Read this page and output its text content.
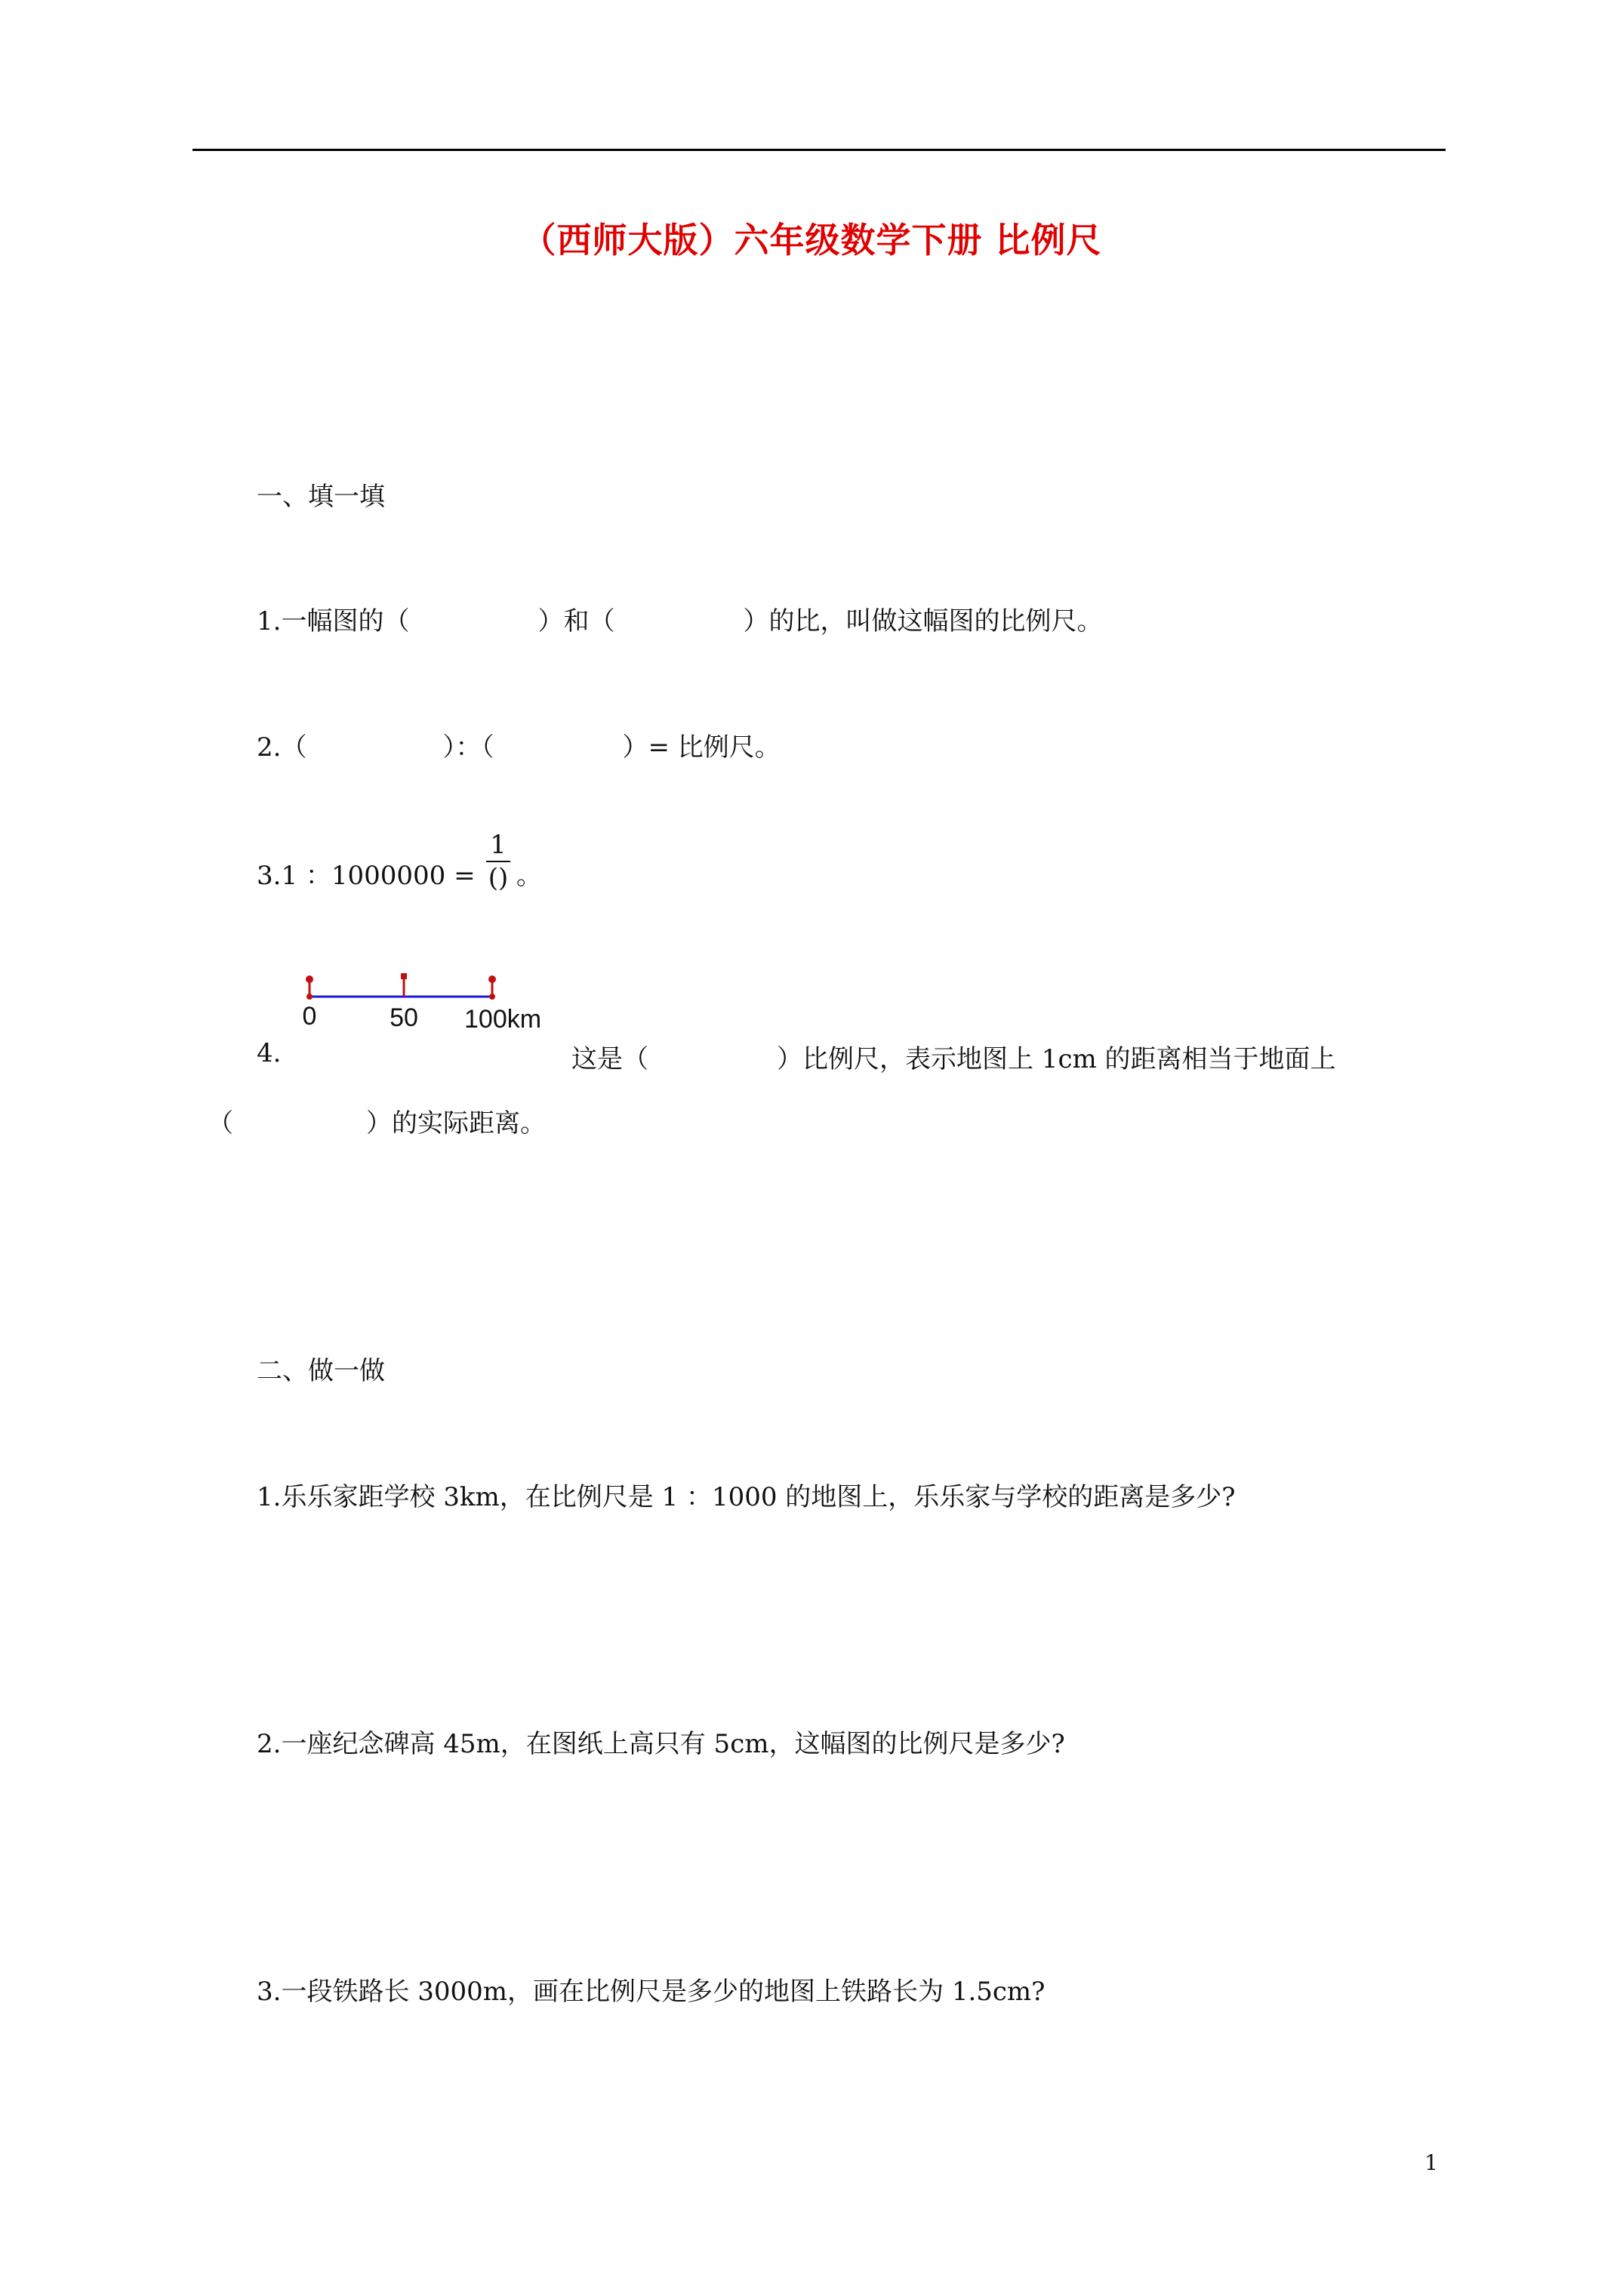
（西师大版）六年级数学下册 比例尺
一、填一填
1.一幅图的（	）和（	）的比，叫做这幅图的比例尺。
2.（	）：（	）= 比例尺。
3.1 ：1000000 =
1
() 。
0	50 100km
4.	这是（	）比例尺，表示地图上 1cm 的距离相当于地面上
（	）的实际距离。
二、做一做
1.乐乐家距学校 3km，在比例尺是 1 ：1000 的地图上，乐乐家与学校的距离是多少?
2.一座纪念碑高 45m，在图纸上高只有 5cm，这幅图的比例尺是多少?
3.一段铁路长 3000m，画在比例尺是多少的地图上铁路长为 1.5cm?
1
